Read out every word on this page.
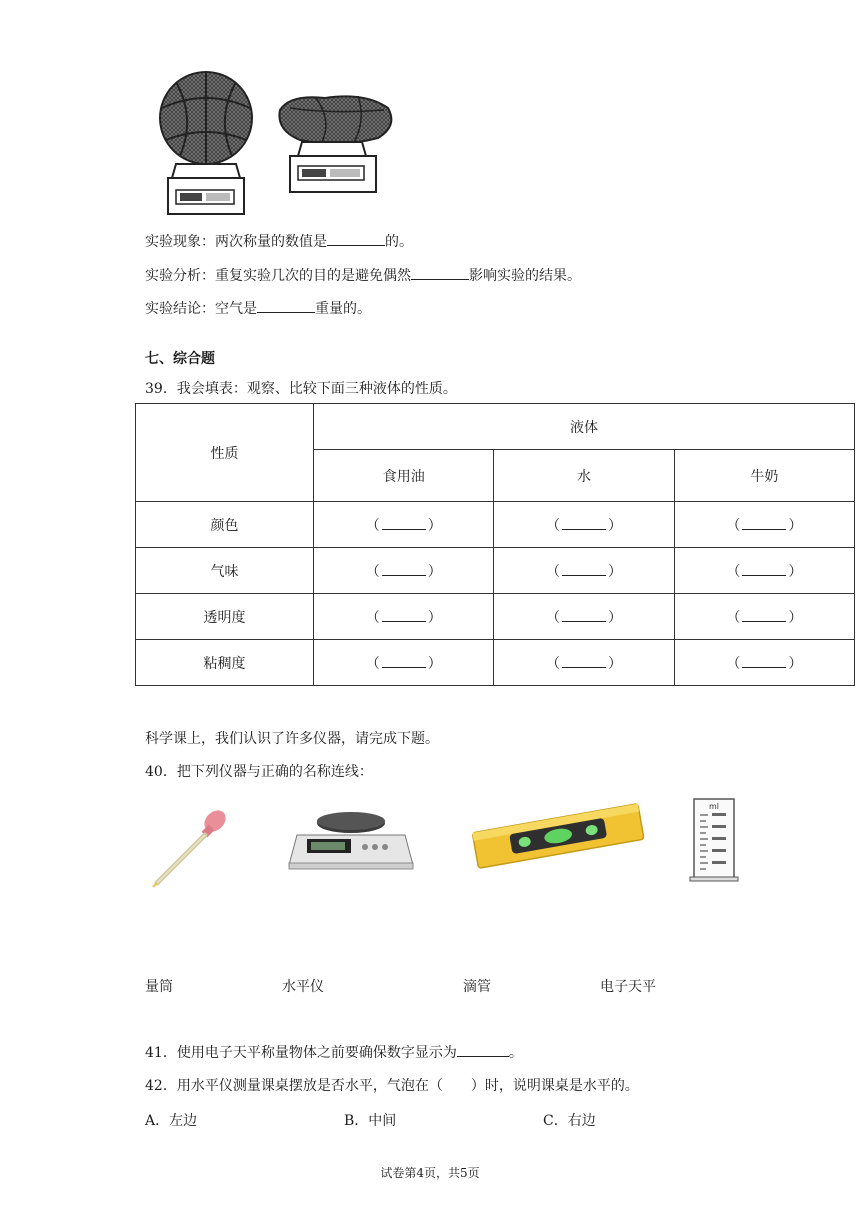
实验现象：两次称量的数值是	的。
实验分析：重复实验几次的目的是避免偶然	影响实验的结果。
实验结论：空气是	重量的。
七、综合题
39．我会填表：观察、比较下面三种液体的性质。
性质	液体		
	食用油	水	牛奶
颜色	（ ）	（ ）	（ ）
气味	（ ）	（ ）	（ ）
透明度	（ ）	（ ）	（ ）
粘稠度	（ ）	（ ）	（ ）
科学课上，我们认识了许多仪器，请完成下题。
40．把下列仪器与正确的名称连线：
ml
量筒	水平仪	滴管	电子天平
41．使用电子天平称量物体之前要确保数字显示为	。
42．用水平仪测量课桌摆放是否水平，气泡在（　　）时，说明课桌是水平的。
A．左边	B．中间	C．右边
试卷第4页，共5页
